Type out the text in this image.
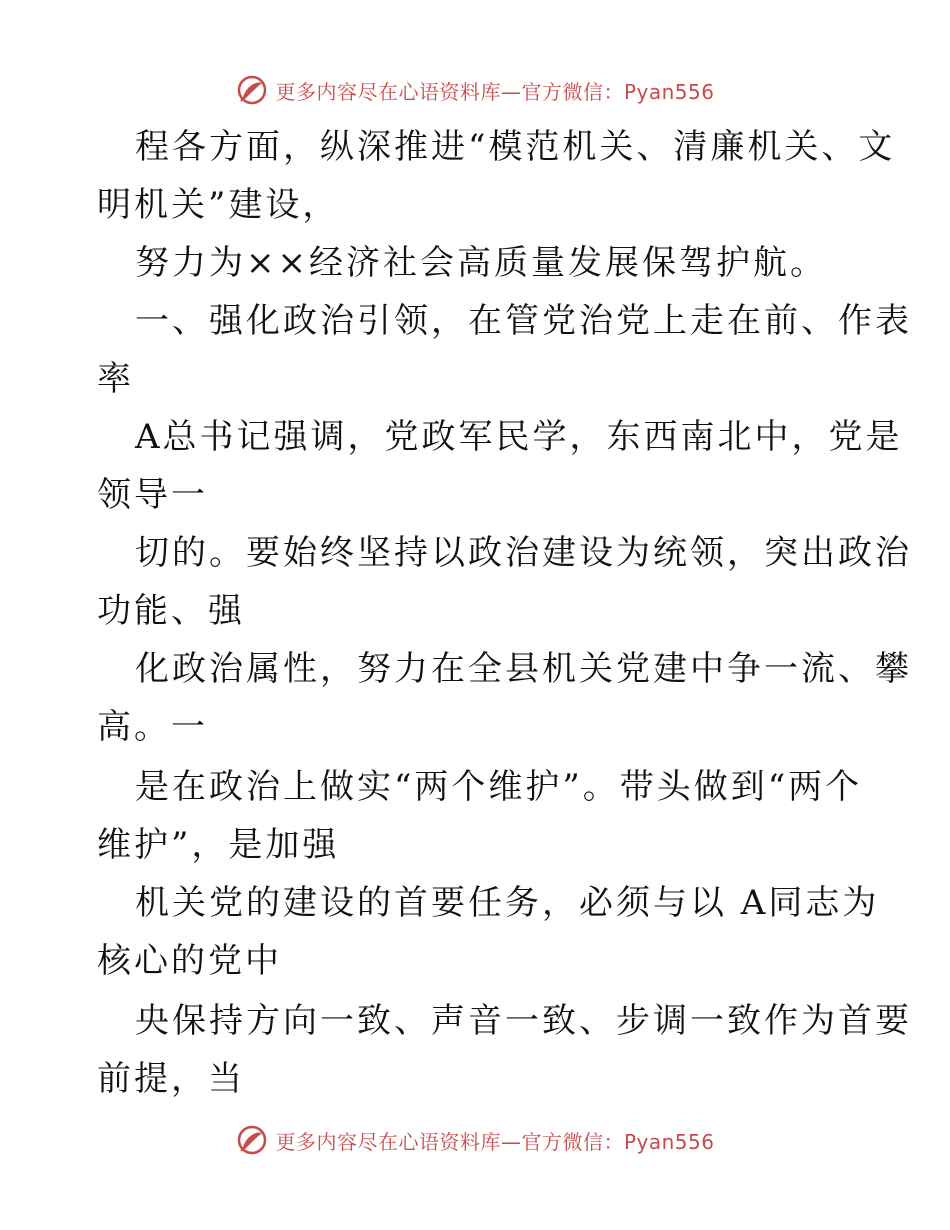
更多内容尽在心语资料库—官方微信：Pyan556
程各方面，纵深推进“模范机关、清廉机关、文
明机关”建设，
努力为××经济社会高质量发展保驾护航。
一、强化政治引领，在管党治党上走在前、作表
率
A总书记强调，党政军民学，东西南北中，党是
领导一
切的。要始终坚持以政治建设为统领，突出政治
功能、强
化政治属性，努力在全县机关党建中争一流、攀
高。一
是在政治上做实“两个维护”。带头做到“两个
维护”，是加强
机关党的建设的首要任务，必须与以 A同志为
核心的党中
央保持方向一致、声音一致、步调一致作为首要
前提，当
更多内容尽在心语资料库—官方微信：Pyan556
